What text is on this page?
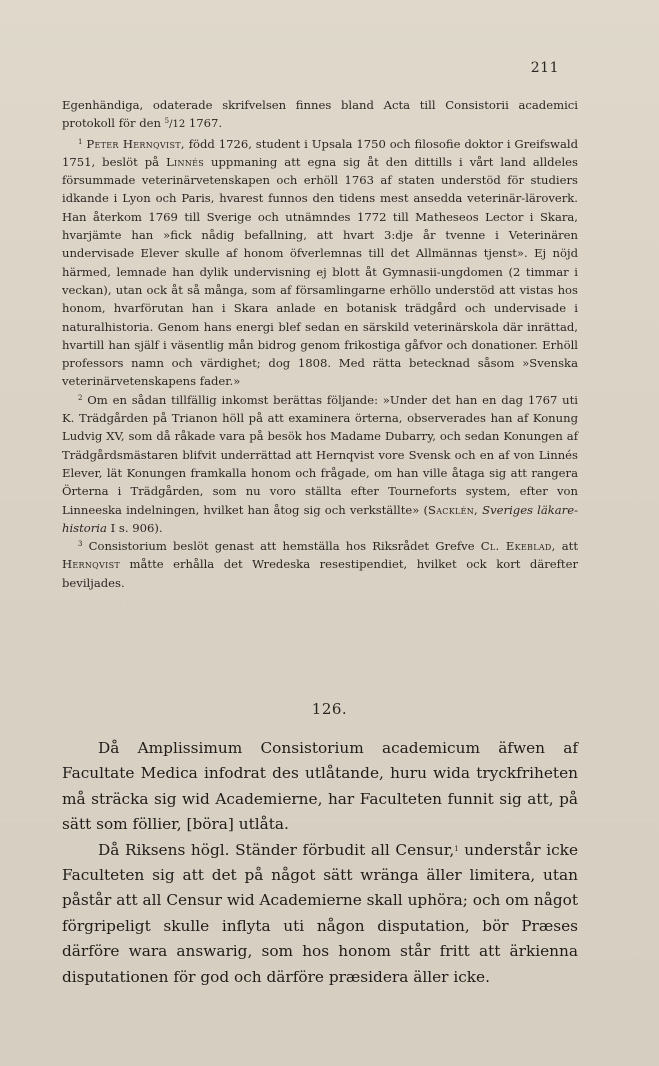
211

Egenhändiga, odaterade skrifvelsen finnes bland Acta till Consistorii academici protokoll för den $^5$/12 1767.

$^1$ Peter Hernqvist, född 1726, student i Upsala 1750 och filosofie doktor i Greifswald 1751, beslöt på Linnés uppmaning att egna sig åt den dittills i vårt land alldeles försummade veterinärvetenskapen och erhöll 1763 af staten understöd för studiers idkande i Lyon och Paris, hvarest funnos den tidens mest ansedda veterinär-läroverk. Han återkom 1769 till Sverige och utnämndes 1772 till Matheseos Lector i Skara, hvarjämte han »fick nådig befallning, att hvart 3:dje år tvenne i Veterinären undervisade Elever skulle af honom öfverlemnas till det Allmännas tjenst». Ej nöjd härmed, lemnade han dylik undervisning ej blott åt Gymnasii-ungdomen (2 timmar i veckan), utan ock åt så många, som af församlingarne erhöllo understöd att vistas hos honom, hvarförutan han i Skara anlade en botanisk trädgård och undervisade i naturalhistoria. Genom hans energi blef sedan en särskild veterinärskola där inrättad, hvartill han själf i väsentlig mån bidrog genom frikostiga gåfvor och donationer. Erhöll professors namn och värdighet; dog 1808. Med rätta betecknad såsom »Svenska veterinärvetenskapens fader.»

$^2$ Om en sådan tillfällig inkomst berättas följande: »Under det han en dag 1767 uti K. Trädgården på Trianon höll på att examinera örterna, observerades han af Konung Ludvig XV, som då råkade vara på besök hos Madame Dubarry, och sedan Konungen af Trädgårdsmästaren blifvit underrättad att Hernqvist vore Svensk och en af von Linnés Elever, lät Konungen framkalla honom och frågade, om han ville åtaga sig att rangera Örterna i Trädgården, som nu voro ställta efter Tourneforts system, efter von Linneeska indelningen, hvilket han åtog sig och verkställte» (Sacklén, Sveriges läkare-historia I s. 906).

$^3$ Consistorium beslöt genast att hemställa hos Riksrådet Grefve Cl. Ekeblad, att Hernqvist måtte erhålla det Wredeska resestipendiet, hvilket ock kort därefter beviljades.

126.

Då Amplissimum Consistorium academicum äfwen af Facultate Medica infodrat des utlåtande, huru wida tryckfriheten må sträcka sig wid Academierne, har Faculteten funnit sig att, på sätt som föllier, [böra] utlåta.

Då Riksens högl. Ständer förbudit all Censur,$^1$ understår icke Faculteten sig att det på något sätt wränga äller limitera, utan påstår att all Censur wid Academierne skall uphöra; och om något förgripeligt skulle inflyta uti någon disputation, bör Præses därföre wara answarig, som hos honom står fritt att ärkienna disputationen för god och därföre præsidera äller icke.
